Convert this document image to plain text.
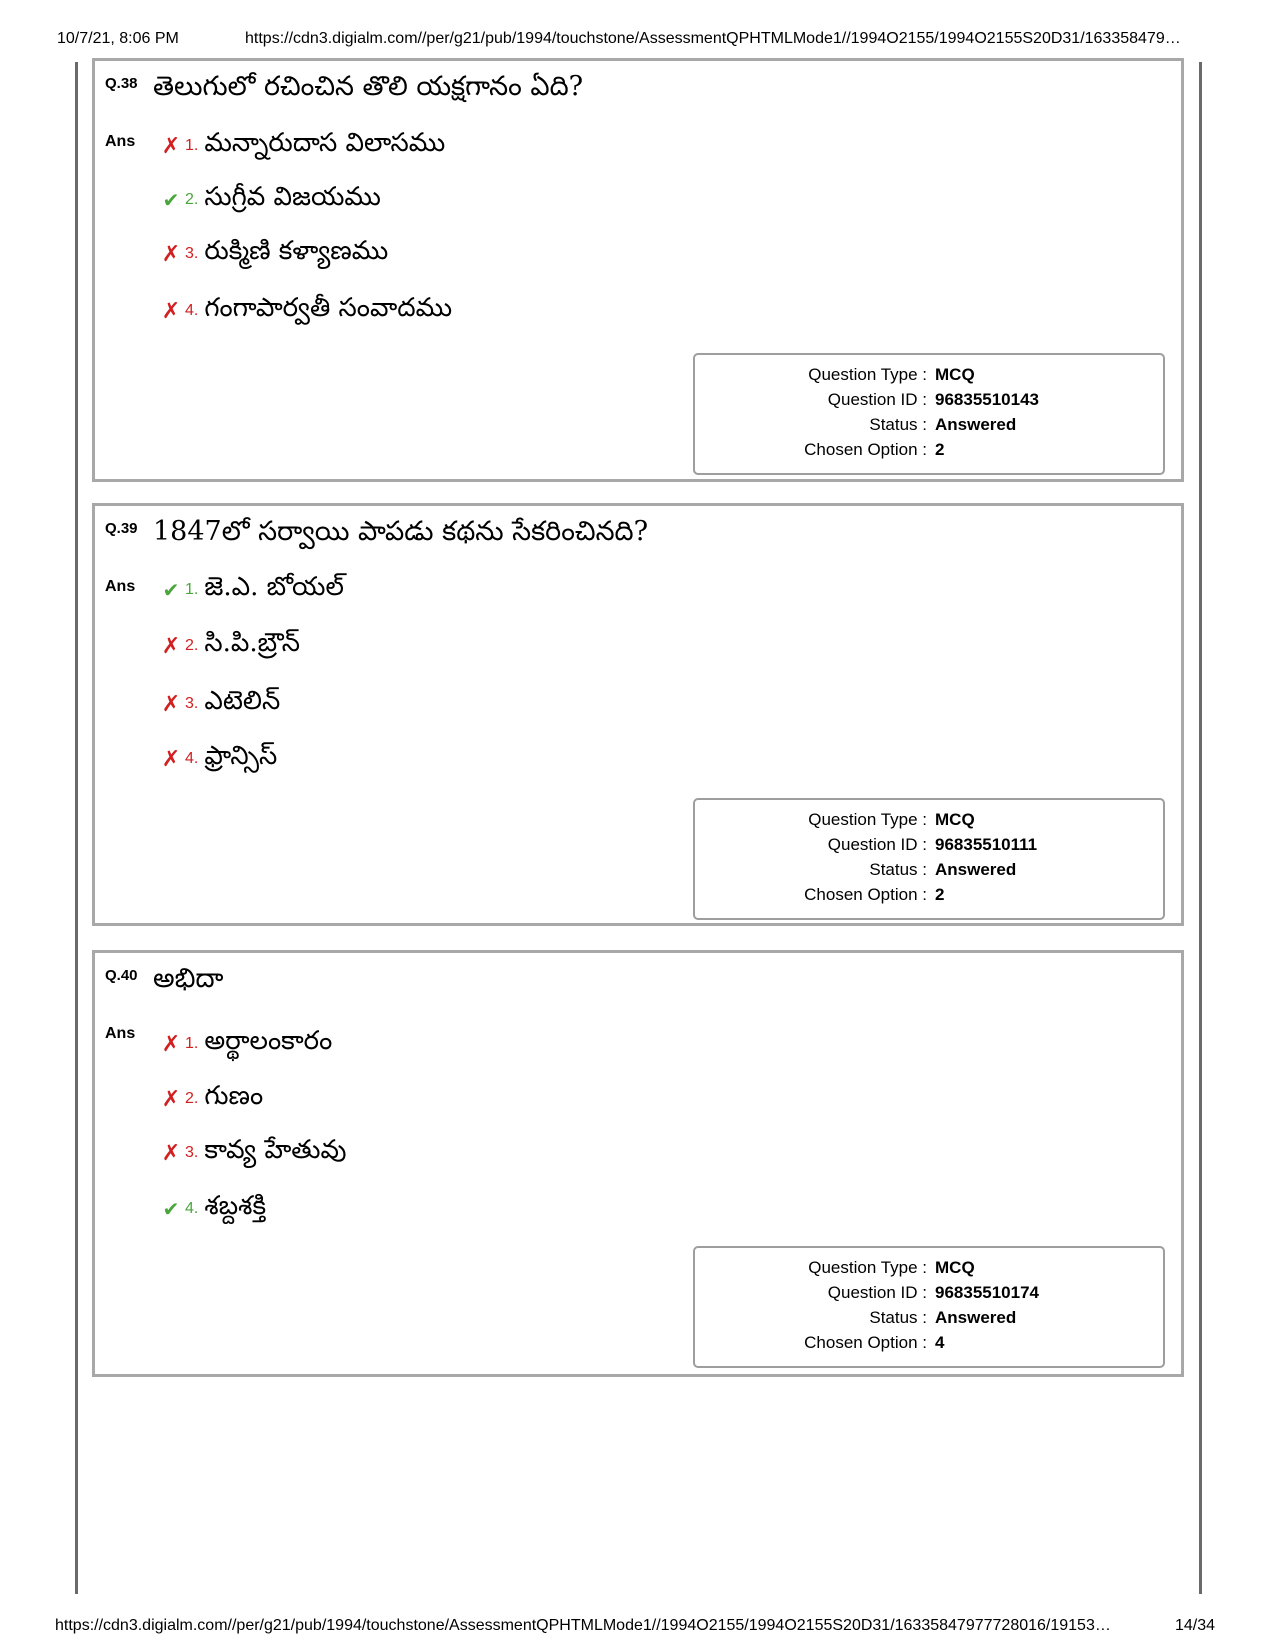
10/7/21, 8:06 PM	https://cdn3.digialm.com//per/g21/pub/1994/touchstone/AssessmentQPHTMLMode1//1994O2155/1994O2155S20D31/163358479…
Q.38 తెలుగులో రచించిన తొలి యక్షగానం ఏది?
Ans ✗ 1. మన్నారుదాస విలాసము
✔ 2. సుగ్రీవ విజయము
✗ 3. రుక్మిణి కళ్యాణము
✗ 4. గంగాపార్వతీ సంవాదము
Question Type : MCQ
Question ID : 96835510143
Status : Answered
Chosen Option : 2
Q.39 1847లో సర్వాయి పాపడు కథను సేకరించినది?
Ans ✔ 1. జె.ఎ. బోయల్
✗ 2. సి.పి.బ్రౌన్
✗ 3. ఎటెలిన్
✗ 4. ఫ్రాన్సిస్
Question Type : MCQ
Question ID : 96835510111
Status : Answered
Chosen Option : 2
Q.40 అభిదా
Ans ✗ 1. అర్థాలంకారం
✗ 2. గుణం
✗ 3. కావ్య హేతువు
✔ 4. శబ్దశక్తి
Question Type : MCQ
Question ID : 96835510174
Status : Answered
Chosen Option : 4
https://cdn3.digialm.com//per/g21/pub/1994/touchstone/AssessmentQPHTMLMode1//1994O2155/1994O2155S20D31/16335847977728016/19153…	14/34
